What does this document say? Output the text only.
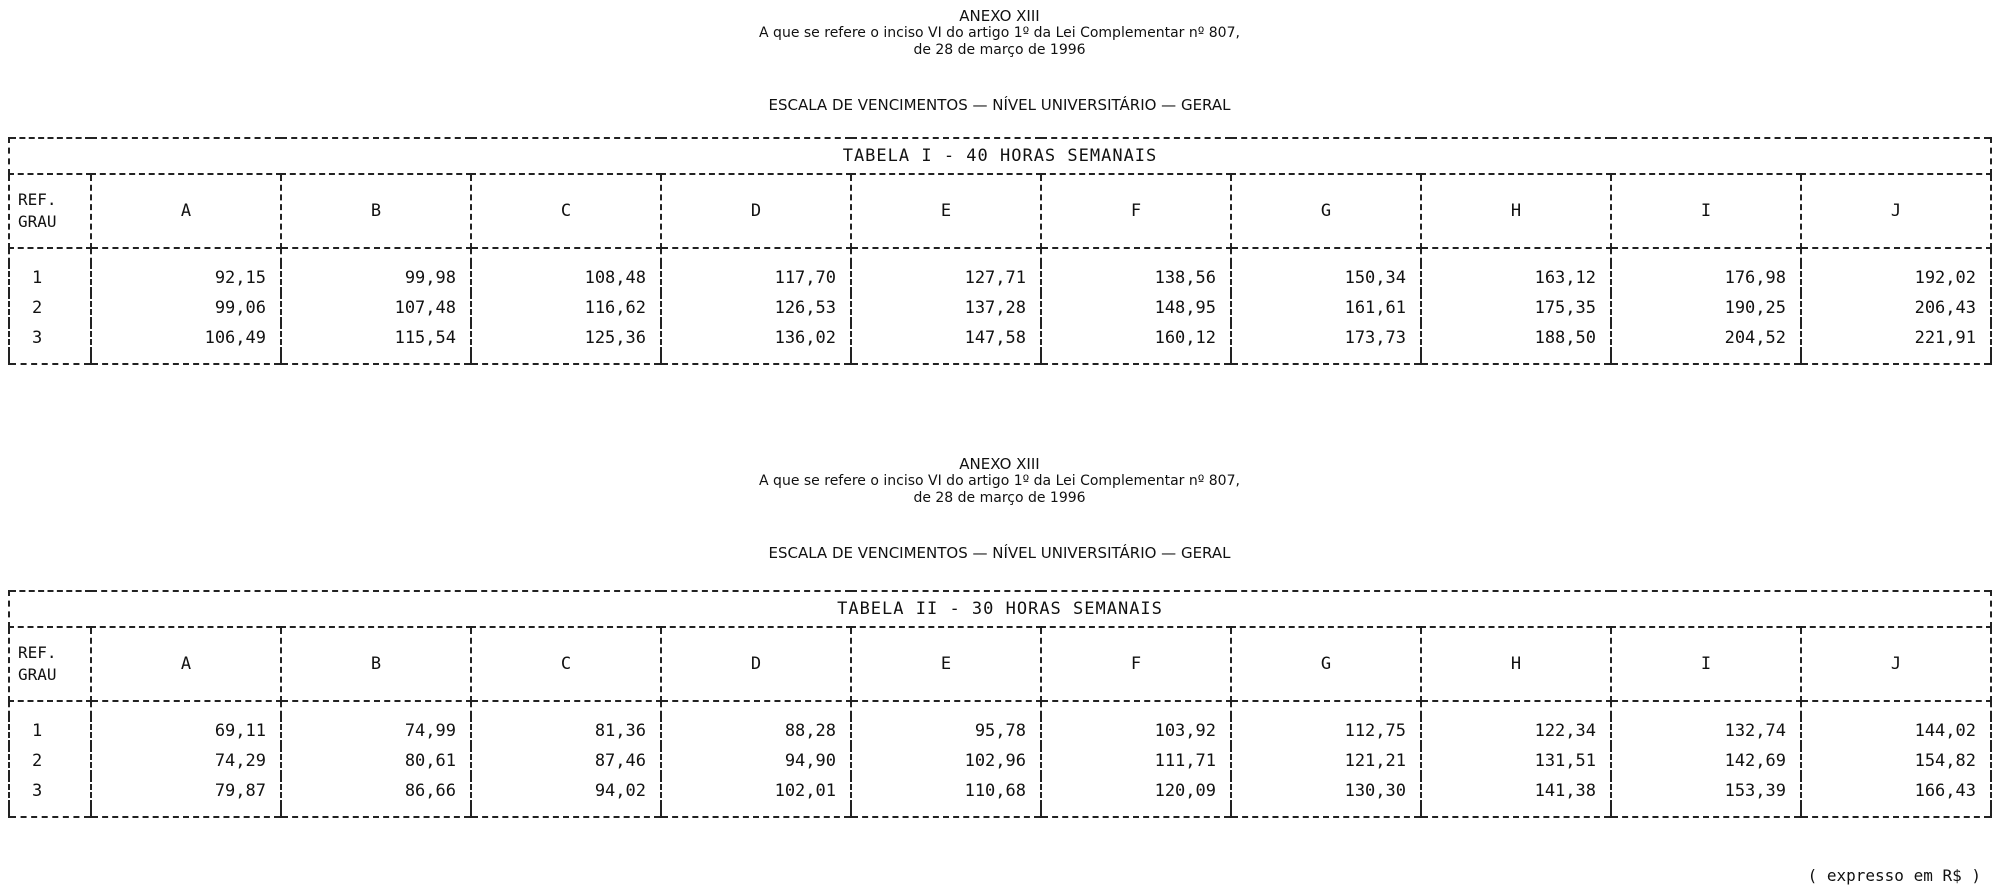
ANEXO XIII
A que se refere o inciso VI do artigo 1º da Lei Complementar nº 807,
de 28 de março de 1996
ESCALA DE VENCIMENTOS — NÍVEL UNIVERSITÁRIO — GERAL
TABELA I - 40 HORAS SEMANAIS										

REF.
GRAU	A	B	C	D	E	F	G	H	I	J

1	92,15	99,98	108,48	117,70	127,71	138,56	150,34	163,12	176,98	192,02
2	99,06	107,48	116,62	126,53	137,28	148,95	161,61	175,35	190,25	206,43
3	106,49	115,54	125,36	136,02	147,58	160,12	173,73	188,50	204,52	221,91

ANEXO XIII
A que se refere o inciso VI do artigo 1º da Lei Complementar nº 807,
de 28 de março de 1996
ESCALA DE VENCIMENTOS — NÍVEL UNIVERSITÁRIO — GERAL
TABELA II - 30 HORAS SEMANAIS										

REF.
GRAU	A	B	C	D	E	F	G	H	I	J

1	69,11	74,99	81,36	88,28	95,78	103,92	112,75	122,34	132,74	144,02
2	74,29	80,61	87,46	94,90	102,96	111,71	121,21	131,51	142,69	154,82
3	79,87	86,66	94,02	102,01	110,68	120,09	130,30	141,38	153,39	166,43

( expresso em R$ )
